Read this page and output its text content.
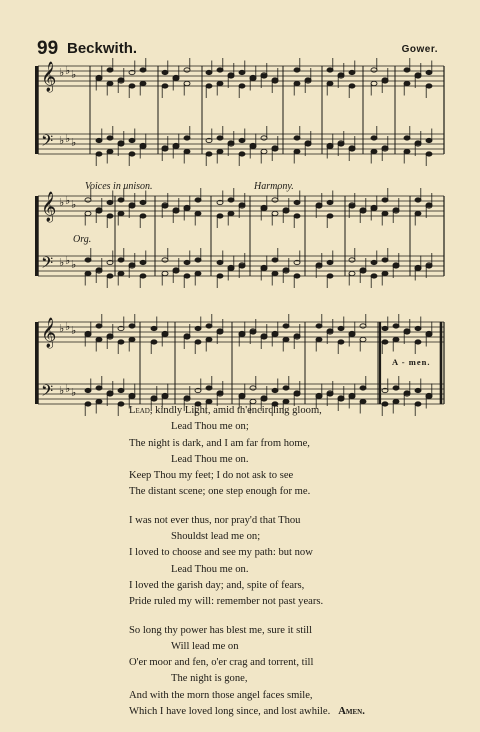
99 Beckwith.	Gower.
𝄞 ♭ ♭ ♭
𝄢 ♭ ♭ ♭
𝄞 ♭ ♭ ♭
𝄢 ♭ ♭ ♭
𝄞 ♭ ♭ ♭
𝄢 ♭ ♭ ♭
Voices in unison.	Harmony.
Org.
A - men.
Lead, kindly Light, amid th'encircling gloom,
Lead Thou me on;
The night is dark, and I am far from home,
Lead Thou me on.
Keep Thou my feet; I do not ask to see
The distant scene; one step enough for me.
I was not ever thus, nor pray'd that Thou
Shouldst lead me on;
I loved to choose and see my path: but now
Lead Thou me on.
I loved the garish day; and, spite of fears,
Pride ruled my will: remember not past years.
So long thy power has blest me, sure it still
Will lead me on
O'er moor and fen, o'er crag and torrent, till
The night is gone,
And with the morn those angel faces smile,
Which I have loved long since, and lost awhile. Amen.
